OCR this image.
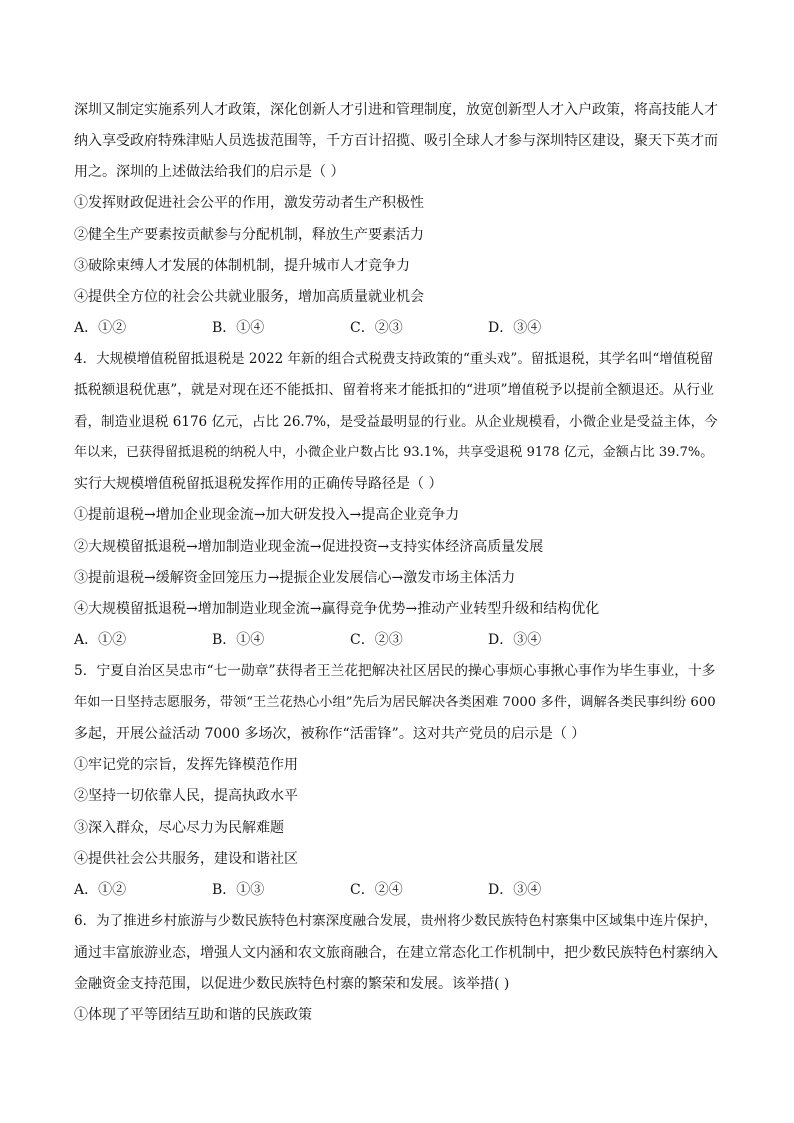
深圳又制定实施系列人才政策，深化创新人才引进和管理制度，放宽创新型人才入户政策，将高技能人才
纳入享受政府特殊津贴人员选拔范围等，千方百计招揽、吸引全球人才参与深圳特区建设，聚天下英才而
用之。深圳的上述做法给我们的启示是（ ）
①发挥财政促进社会公平的作用，激发劳动者生产积极性
②健全生产要素按贡献参与分配机制，释放生产要素活力
③破除束缚人才发展的体制机制，提升城市人才竞争力
④提供全方位的社会公共就业服务，增加高质量就业机会
A．①②	B．①④	C．②③	D．③④
4．大规模增值税留抵退税是 2022 年新的组合式税费支持政策的“重头戏”。留抵退税，其学名叫“增值税留
抵税额退税优惠”，就是对现在还不能抵扣、留着将来才能抵扣的“进项”增值税予以提前全额退还。从行业
看，制造业退税 6176 亿元，占比 26.7%，是受益最明显的行业。从企业规模看，小微企业是受益主体，今
年以来，已获得留抵退税的纳税人中，小微企业户数占比 93.1%，共享受退税 9178 亿元，金额占比 39.7%。
实行大规模增值税留抵退税发挥作用的正确传导路径是（ ）
①提前退税→增加企业现金流→加大研发投入→提高企业竞争力
②大规模留抵退税→增加制造业现金流→促进投资→支持实体经济高质量发展
③提前退税→缓解资金回笼压力→提振企业发展信心→激发市场主体活力
④大规模留抵退税→增加制造业现金流→赢得竞争优势→推动产业转型升级和结构优化
A．①②	B．①④	C．②③	D．③④
5．宁夏自治区吴忠市“七一勋章”获得者王兰花把解决社区居民的操心事烦心事揪心事作为毕生事业，十多
年如一日坚持志愿服务，带领“王兰花热心小组”先后为居民解决各类困难 7000 多件，调解各类民事纠纷 600
多起，开展公益活动 7000 多场次，被称作“活雷锋”。这对共产党员的启示是（ ）
①牢记党的宗旨，发挥先锋模范作用
②坚持一切依靠人民，提高执政水平
③深入群众，尽心尽力为民解难题
④提供社会公共服务，建设和谐社区
A．①②	B．①③	C．②④	D．③④
6．为了推进乡村旅游与少数民族特色村寨深度融合发展，贵州将少数民族特色村寨集中区域集中连片保护，
通过丰富旅游业态，增强人文内涵和农文旅商融合，在建立常态化工作机制中，把少数民族特色村寨纳入
金融资金支持范围，以促进少数民族特色村寨的繁荣和发展。该举措( )
①体现了平等团结互助和谐的民族政策
